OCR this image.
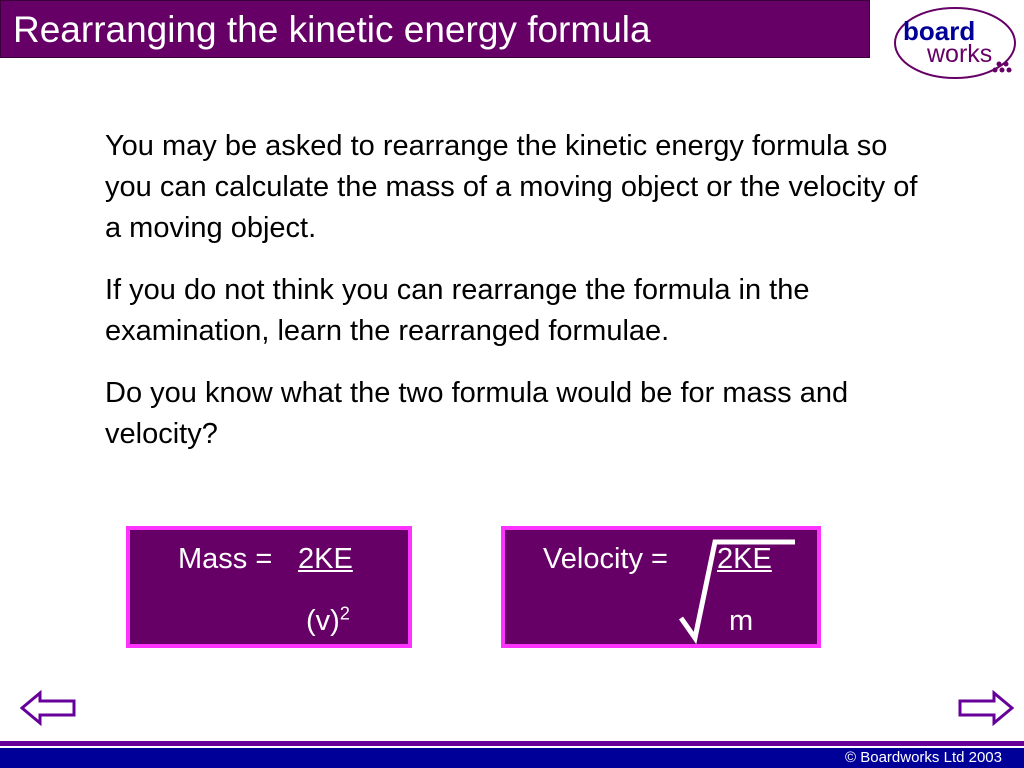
Rearranging the kinetic energy formula	board
works

You may be asked to rearrange the kinetic energy formula so you can calculate the mass of a moving object or the velocity of a moving object.

If you do not think you can rearrange the formula in the examination, learn the rearranged formulae.

Do you know what the two formula would be for mass and velocity?

Mass = 2KE
$(v)^2$
Velocity = 2KE
m
© Boardworks Ltd 2003
